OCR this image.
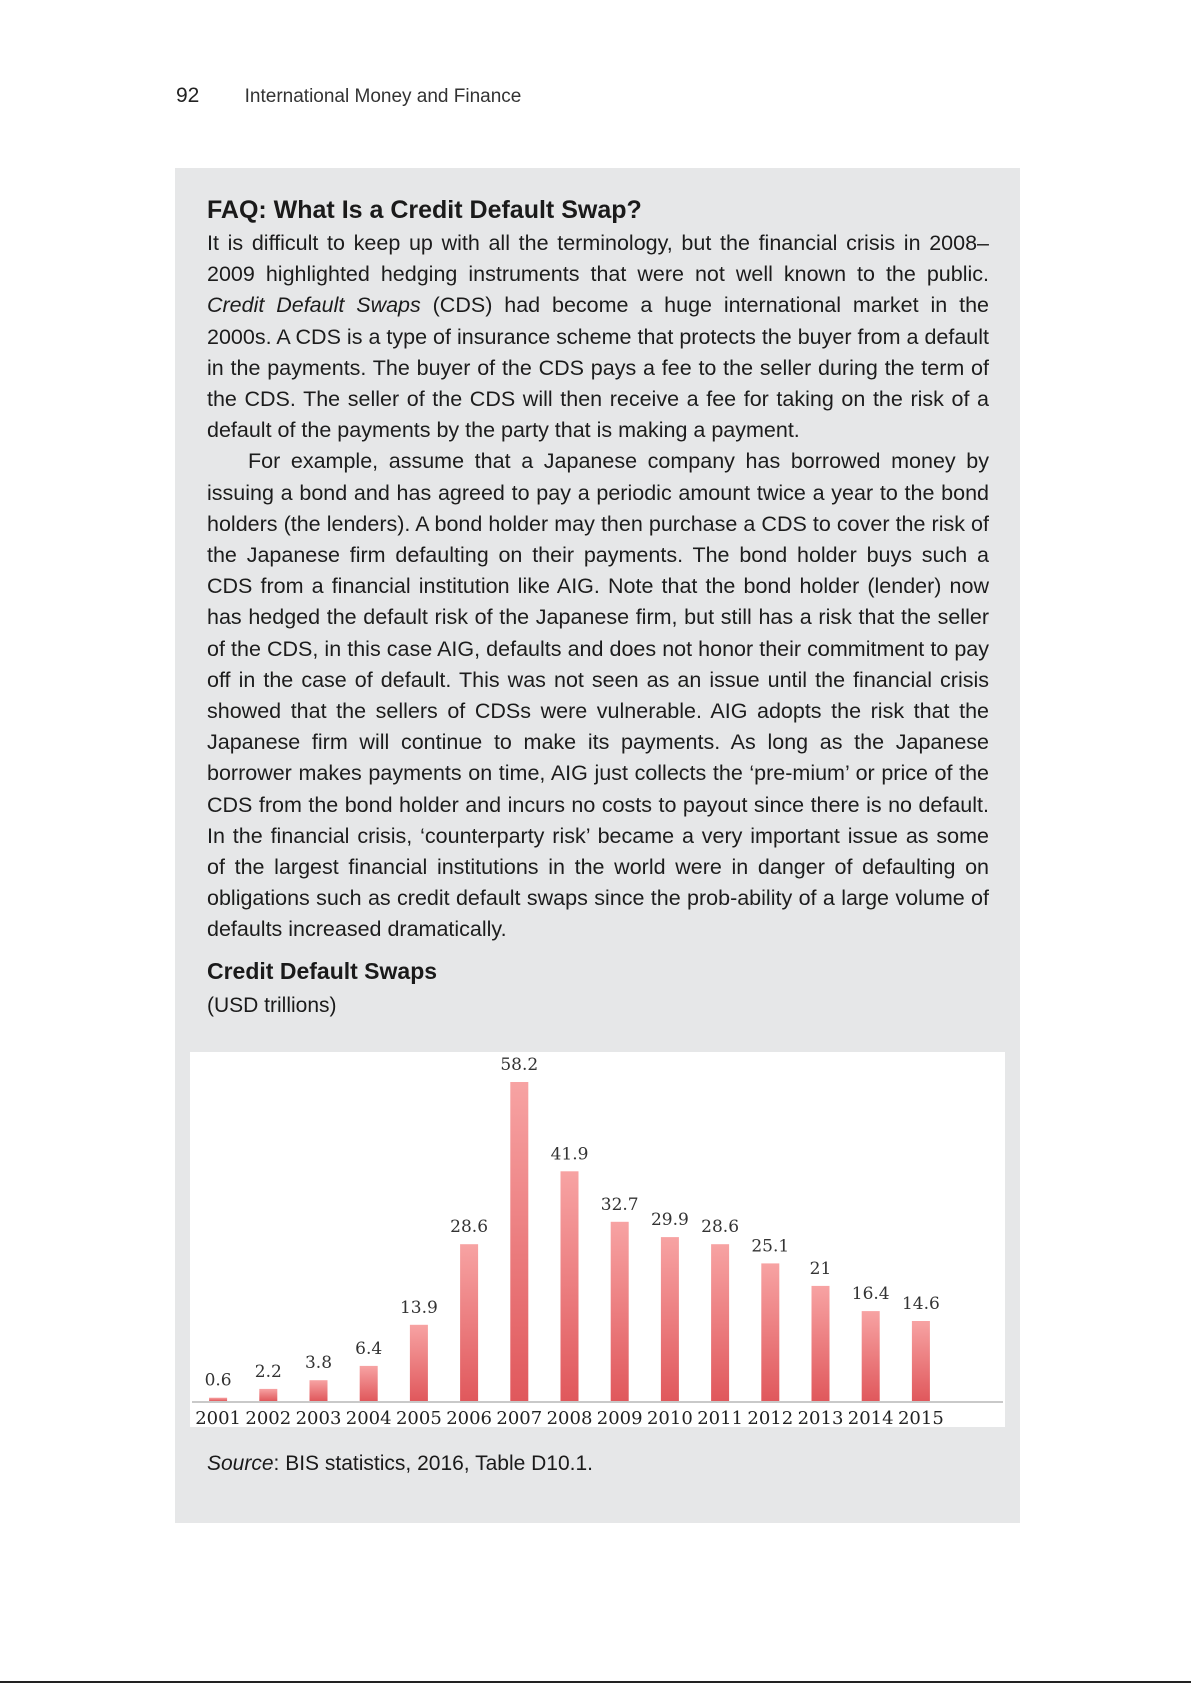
92 International Money and Finance
FAQ: What Is a Credit Default Swap?

It is difficult to keep up with all the terminology, but the financial crisis in 2008–2009 highlighted hedging instruments that were not well known to the public. Credit Default Swaps (CDS) had become a huge international market in the 2000s. A CDS is a type of insurance scheme that protects the buyer from a default in the payments. The buyer of the CDS pays a fee to the seller during the term of the CDS. The seller of the CDS will then receive a fee for taking on the risk of a default of the payments by the party that is making a payment.

For example, assume that a Japanese company has borrowed money by issuing a bond and has agreed to pay a periodic amount twice a year to the bond holders (the lenders). A bond holder may then purchase a CDS to cover the risk of the Japanese firm defaulting on their payments. The bond holder buys such a CDS from a financial institution like AIG. Note that the bond holder (lender) now has hedged the default risk of the Japanese firm, but still has a risk that the seller of the CDS, in this case AIG, defaults and does not honor their commitment to pay off in the case of default. This was not seen as an issue until the financial crisis showed that the sellers of CDSs were vulnerable. AIG adopts the risk that the Japanese firm will continue to make its payments. As long as the Japanese borrower makes payments on time, AIG just collects the ‘pre-mium’ or price of the CDS from the bond holder and incurs no costs to payout since there is no default. In the financial crisis, ‘counterparty risk’ became a very important issue as some of the largest financial institutions in the world were in danger of defaulting on obligations such as credit default swaps since the prob-ability of a large volume of defaults increased dramatically.

Credit Default Swaps

(USD trillions)

0.6
2001
2.2
2002
3.8
2003
6.4
2004
13.9
2005
28.6
2006
58.2
2007
41.9
2008
32.7
2009
29.9
2010
28.6
2011
25.1
2012
21
2013
16.4
2014
14.6
2015

Source: BIS statistics, 2016, Table D10.1.
